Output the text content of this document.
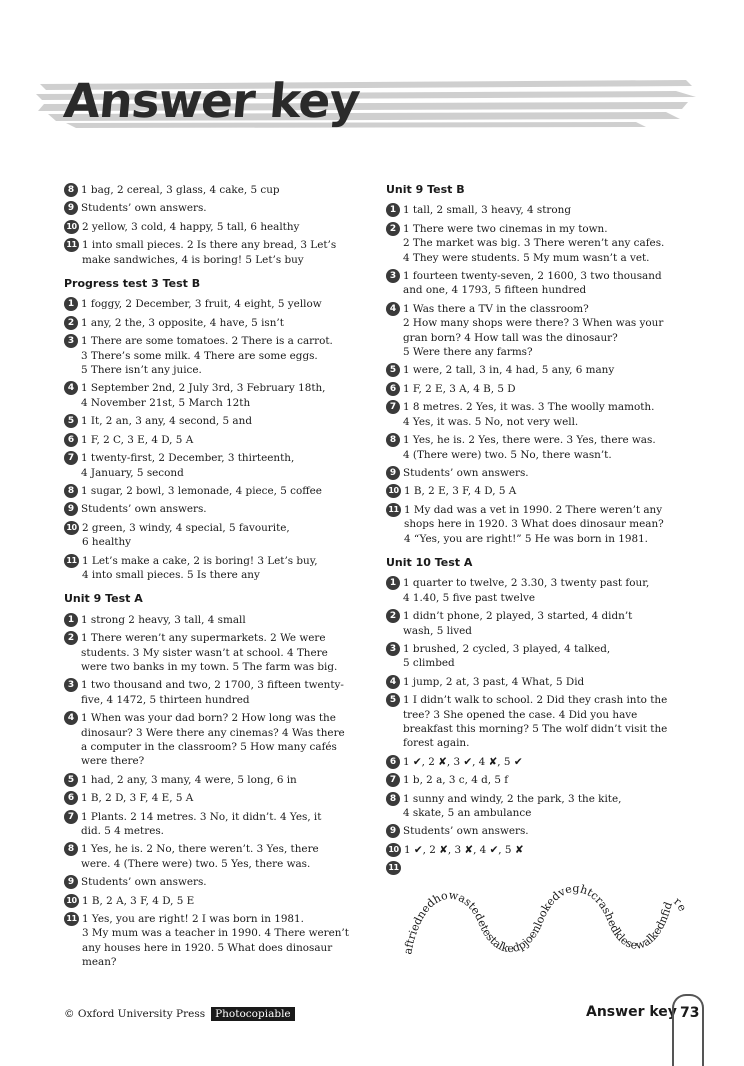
Answer key
8 1 bag, 2 cereal, 3 glass, 4 cake, 5 cup
9 Students’ own answers.
10 2 yellow, 3 cold, 4 happy, 5 tall, 6 healthy
11 1 into small pieces. 2 Is there any bread, 3 Let’s
make sandwiches, 4 is boring! 5 Let’s buy
Progress test 3 Test B
1 1 foggy, 2 December, 3 fruit, 4 eight, 5 yellow
2 1 any, 2 the, 3 opposite, 4 have, 5 isn’t
3 1 There are some tomatoes. 2 There is a carrot.
3 There’s some milk. 4 There are some eggs.
5 There isn’t any juice.
4 1 September 2nd, 2 July 3rd, 3 February 18th,
4 November 21st, 5 March 12th
5 1 It, 2 an, 3 any, 4 second, 5 and
6 1 F, 2 C, 3 E, 4 D, 5 A
7 1 twenty-first, 2 December, 3 thirteenth,
4 January, 5 second
8 1 sugar, 2 bowl, 3 lemonade, 4 piece, 5 coffee
9 Students’ own answers.
10 2 green, 3 windy, 4 special, 5 favourite,
6 healthy
11 1 Let’s make a cake, 2 is boring! 3 Let’s buy,
4 into small pieces. 5 Is there any
Unit 9 Test A
1 1 strong 2 heavy, 3 tall, 4 small
2 1 There weren’t any supermarkets. 2 We were
students. 3 My sister wasn’t at school. 4 There
were two banks in my town. 5 The farm was big.
3 1 two thousand and two, 2 1700, 3 fifteen twenty-
five, 4 1472, 5 thirteen hundred
4 1 When was your dad born? 2 How long was the
dinosaur? 3 Were there any cinemas? 4 Was there
a computer in the classroom? 5 How many cafés
were there?
5 1 had, 2 any, 3 many, 4 were, 5 long, 6 in
6 1 B, 2 D, 3 F, 4 E, 5 A
7 1 Plants. 2 14 metres. 3 No, it didn’t. 4 Yes, it
did. 5 4 metres.
8 1 Yes, he is. 2 No, there weren’t. 3 Yes, there
were. 4 (There were) two. 5 Yes, there was.
9 Students’ own answers.
10 1 B, 2 A, 3 F, 4 D, 5 E
11 1 Yes, you are right! 2 I was born in 1981.
3 My mum was a teacher in 1990. 4 There weren’t
any houses here in 1920. 5 What does dinosaur
mean?
Unit 9 Test B
1 1 tall, 2 small, 3 heavy, 4 strong
2 1 There were two cinemas in my town.
2 The market was big. 3 There weren’t any cafes.
4 They were students. 5 My mum wasn’t a vet.
3 1 fourteen twenty-seven, 2 1600, 3 two thousand
and one, 4 1793, 5 fifteen hundred
4 1 Was there a TV in the classroom?
2 How many shops were there? 3 When was your
gran born? 4 How tall was the dinosaur?
5 Were there any farms?
5 1 were, 2 tall, 3 in, 4 had, 5 any, 6 many
6 1 F, 2 E, 3 A, 4 B, 5 D
7 1 8 metres. 2 Yes, it was. 3 The woolly mamoth.
4 Yes, it was. 5 No, not very well.
8 1 Yes, he is. 2 Yes, there were. 3 Yes, there was.
4 (There were) two. 5 No, there wasn’t.
9 Students’ own answers.
10 1 B, 2 E, 3 F, 4 D, 5 A
11 1 My dad was a vet in 1990. 2 There weren’t any
shops here in 1920. 3 What does dinosaur mean?
4 “Yes, you are right!” 5 He was born in 1981.
Unit 10 Test A
1 1 quarter to twelve, 2 3.30, 3 twenty past four,
4 1.40, 5 five past twelve
2 1 didn’t phone, 2 played, 3 started, 4 didn’t
wash, 5 lived
3 1 brushed, 2 cycled, 3 played, 4 talked,
5 climbed
4 1 jump, 2 at, 3 past, 4 What, 5 Did
5 1 I didn’t walk to school. 2 Did they crash into the
tree? 3 She opened the case. 4 Did you have
breakfast this morning? 5 The wolf didn’t visit the
forest again.
6 1 ✔, 2 ✘, 3 ✔, 4 ✘, 5 ✔
7 1 b, 2 a, 3 c, 4 d, 5 f
8 1 sunny and windy, 2 the park, 3 the kite,
4 skate, 5 an ambulance
9 Students’ own answers.
10 1 ✔, 2 ✘, 3 ✘, 4 ✔, 5 ✘
11
ftriednedhowastedetestalkedpjoenlookedveghtcrashedklesewalkednfidre
© Oxford University Press Photocopiable	Answer key 73
